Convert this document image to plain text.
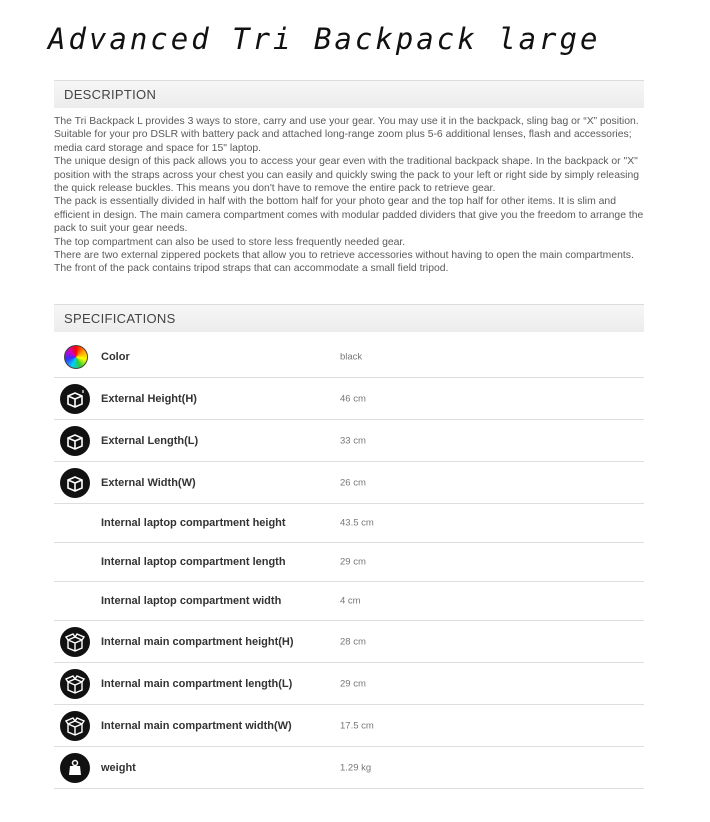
Advanced Tri Backpack large
DESCRIPTION

The Tri Backpack L provides 3 ways to store, carry and use your gear. You may use it in the backpack, sling bag or “X” position. Suitable for your pro DSLR with battery pack and attached long-range zoom plus 5-6 additional lenses, flash and accessories; media card storage and space for 15" laptop.

The unique design of this pack allows you to access your gear even with the traditional backpack shape. In the backpack or "X" position with the straps across your chest you can easily and quickly swing the pack to your left or right side by simply releasing the quick release buckles. This means you don't have to remove the entire pack to retrieve gear.

The pack is essentially divided in half with the bottom half for your photo gear and the top half for other items. It is slim and efficient in design. The main camera compartment comes with modular padded dividers that give you the freedom to arrange the pack to suit your gear needs.

The top compartment can also be used to store less frequently needed gear.

There are two external zippered pockets that allow you to retrieve accessories without having to open the main compartments. The front of the pack contains tripod straps that can accommodate a small field tripod.

SPECIFICATIONS
Color	black
External Height(H)	46 cm
External Length(L)	33 cm
External Width(W)	26 cm
Internal laptop compartment height	43.5 cm
Internal laptop compartment length	29 cm
Internal laptop compartment width	4 cm
Internal main compartment height(H)	28 cm
Internal main compartment length(L)	29 cm
Internal main compartment width(W)	17.5 cm
weight	1.29 kg
